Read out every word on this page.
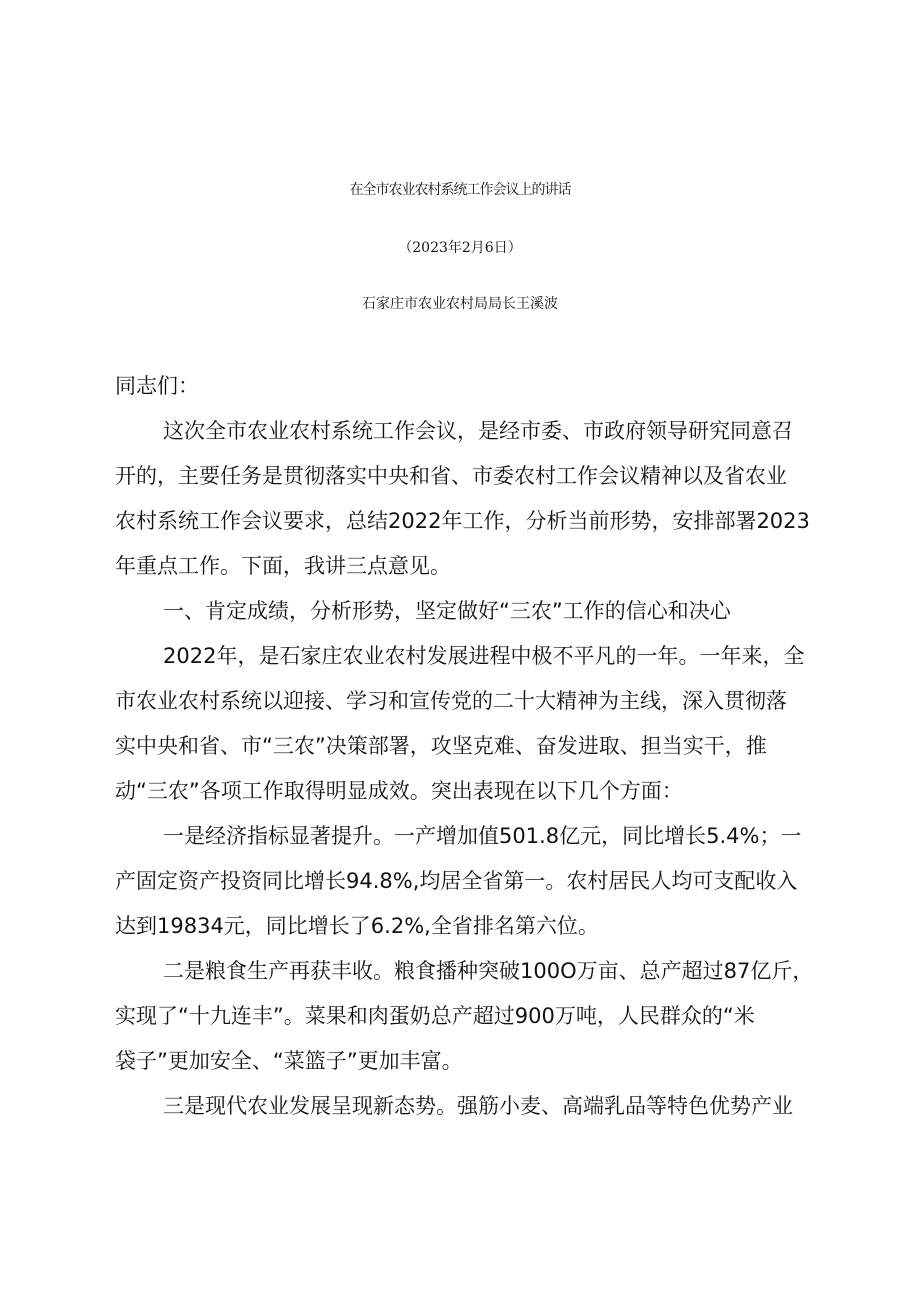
在全市农业农村系统工作会议上的讲话
（2023年2月6日）
石家庄市农业农村局局长王溪波
同志们：
这次全市农业农村系统工作会议，是经市委、市政府领导研究同意召
开的，主要任务是贯彻落实中央和省、市委农村工作会议精神以及省农业
农村系统工作会议要求，总结2022年工作，分析当前形势，安排部署2023
年重点工作。下面，我讲三点意见。
一、肯定成绩，分析形势，坚定做好“三农”工作的信心和决心
2022年，是石家庄农业农村发展进程中极不平凡的一年。一年来，全
市农业农村系统以迎接、学习和宣传党的二十大精神为主线，深入贯彻落
实中央和省、市“三农”决策部署，攻坚克难、奋发进取、担当实干，推
动“三农”各项工作取得明显成效。突出表现在以下几个方面：
一是经济指标显著提升。一产增加值501.8亿元，同比增长5.4%；一
产固定资产投资同比增长94.8%,均居全省第一。农村居民人均可支配收入
达到19834元，同比增长了6.2%,全省排名第六位。
二是粮食生产再获丰收。粮食播种突破100O万亩、总产超过87亿斤，
实现了“十九连丰”。菜果和肉蛋奶总产超过900万吨，人民群众的“米
袋子”更加安全、“菜篮子”更加丰富。
三是现代农业发展呈现新态势。强筋小麦、高端乳品等特色优势产业
